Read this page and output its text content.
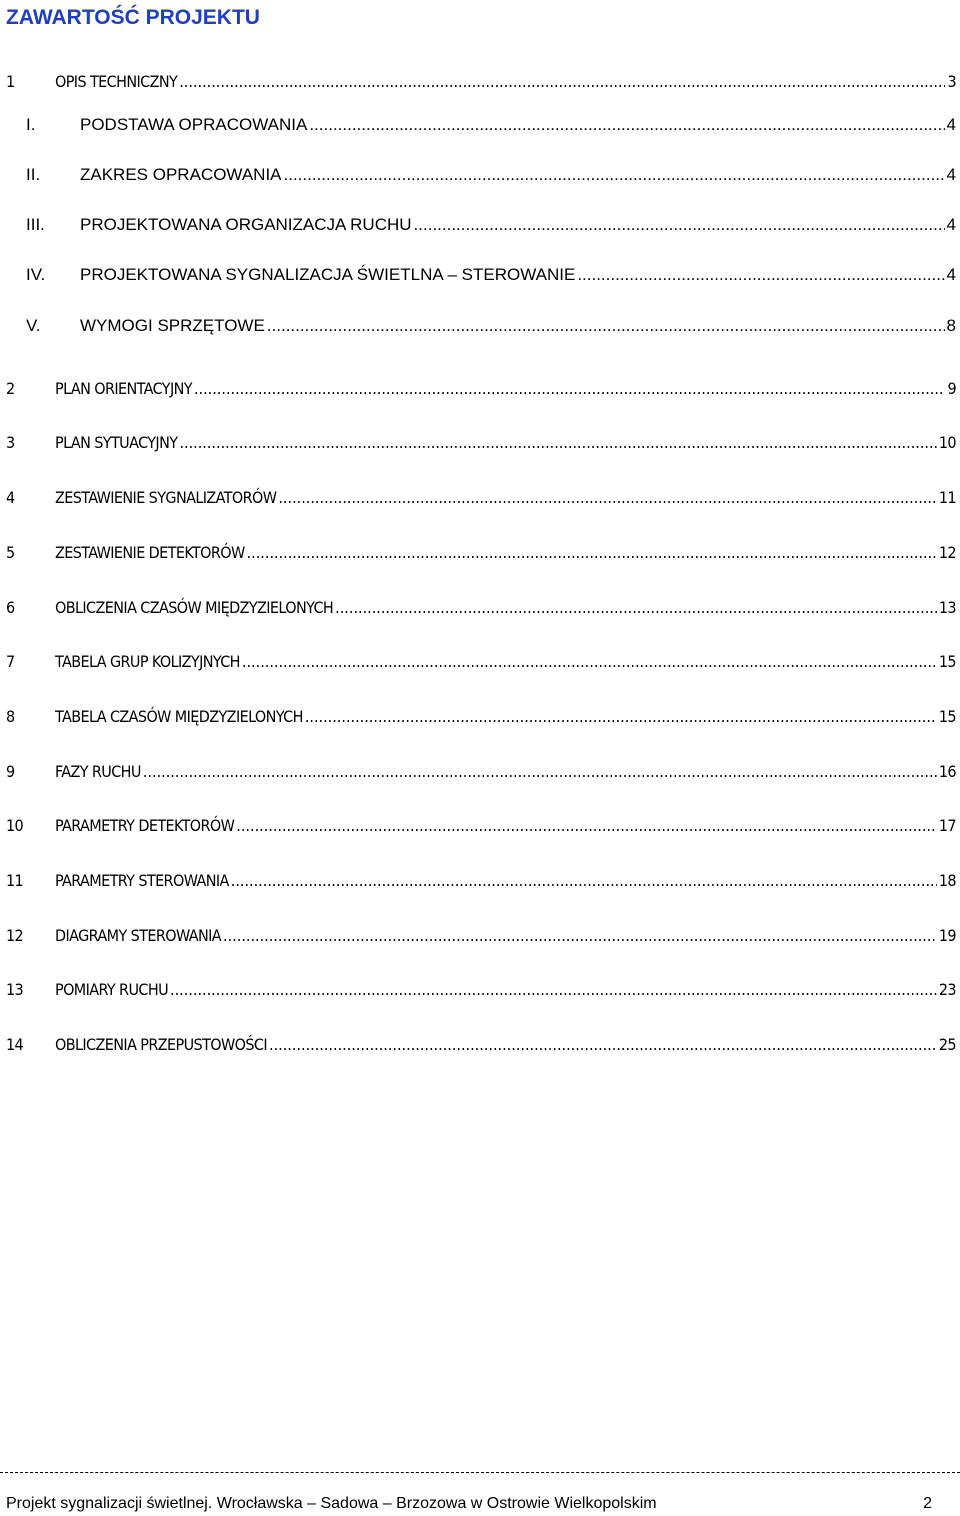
ZAWARTOŚĆ PROJEKTU
1	OPIS TECHNICZNY .....	3
I.	PODSTAWA OPRACOWANIA .....	4
II.	ZAKRES OPRACOWANIA .....	4
III.	PROJEKTOWANA ORGANIZACJA RUCHU .....	4
IV.	PROJEKTOWANA SYGNALIZACJA ŚWIETLNA – STEROWANIE .....	4
V.	WYMOGI SPRZĘTOWE .....	8
2	PLAN ORIENTACYJNY .....	9
3	PLAN SYTUACYJNY .....	10
4	ZESTAWIENIE SYGNALIZATORÓW .....	11
5	ZESTAWIENIE DETEKTORÓW .....	12
6	OBLICZENIA CZASÓW MIĘDZYZIELONYCH .....	13
7	TABELA GRUP KOLIZYJNYCH .....	15
8	TABELA CZASÓW MIĘDZYZIELONYCH .....	15
9	FAZY RUCHU .....	16
10	PARAMETRY DETEKTORÓW .....	17
11	PARAMETRY STEROWANIA .....	18
12	DIAGRAMY STEROWANIA .....	19
13	POMIARY RUCHU .....	23
14	OBLICZENIA PRZEPUSTOWOŚCI .....	25
Projekt sygnalizacji świetlnej. Wrocławska – Sadowa – Brzozowa w Ostrowie Wielkopolskim	2
